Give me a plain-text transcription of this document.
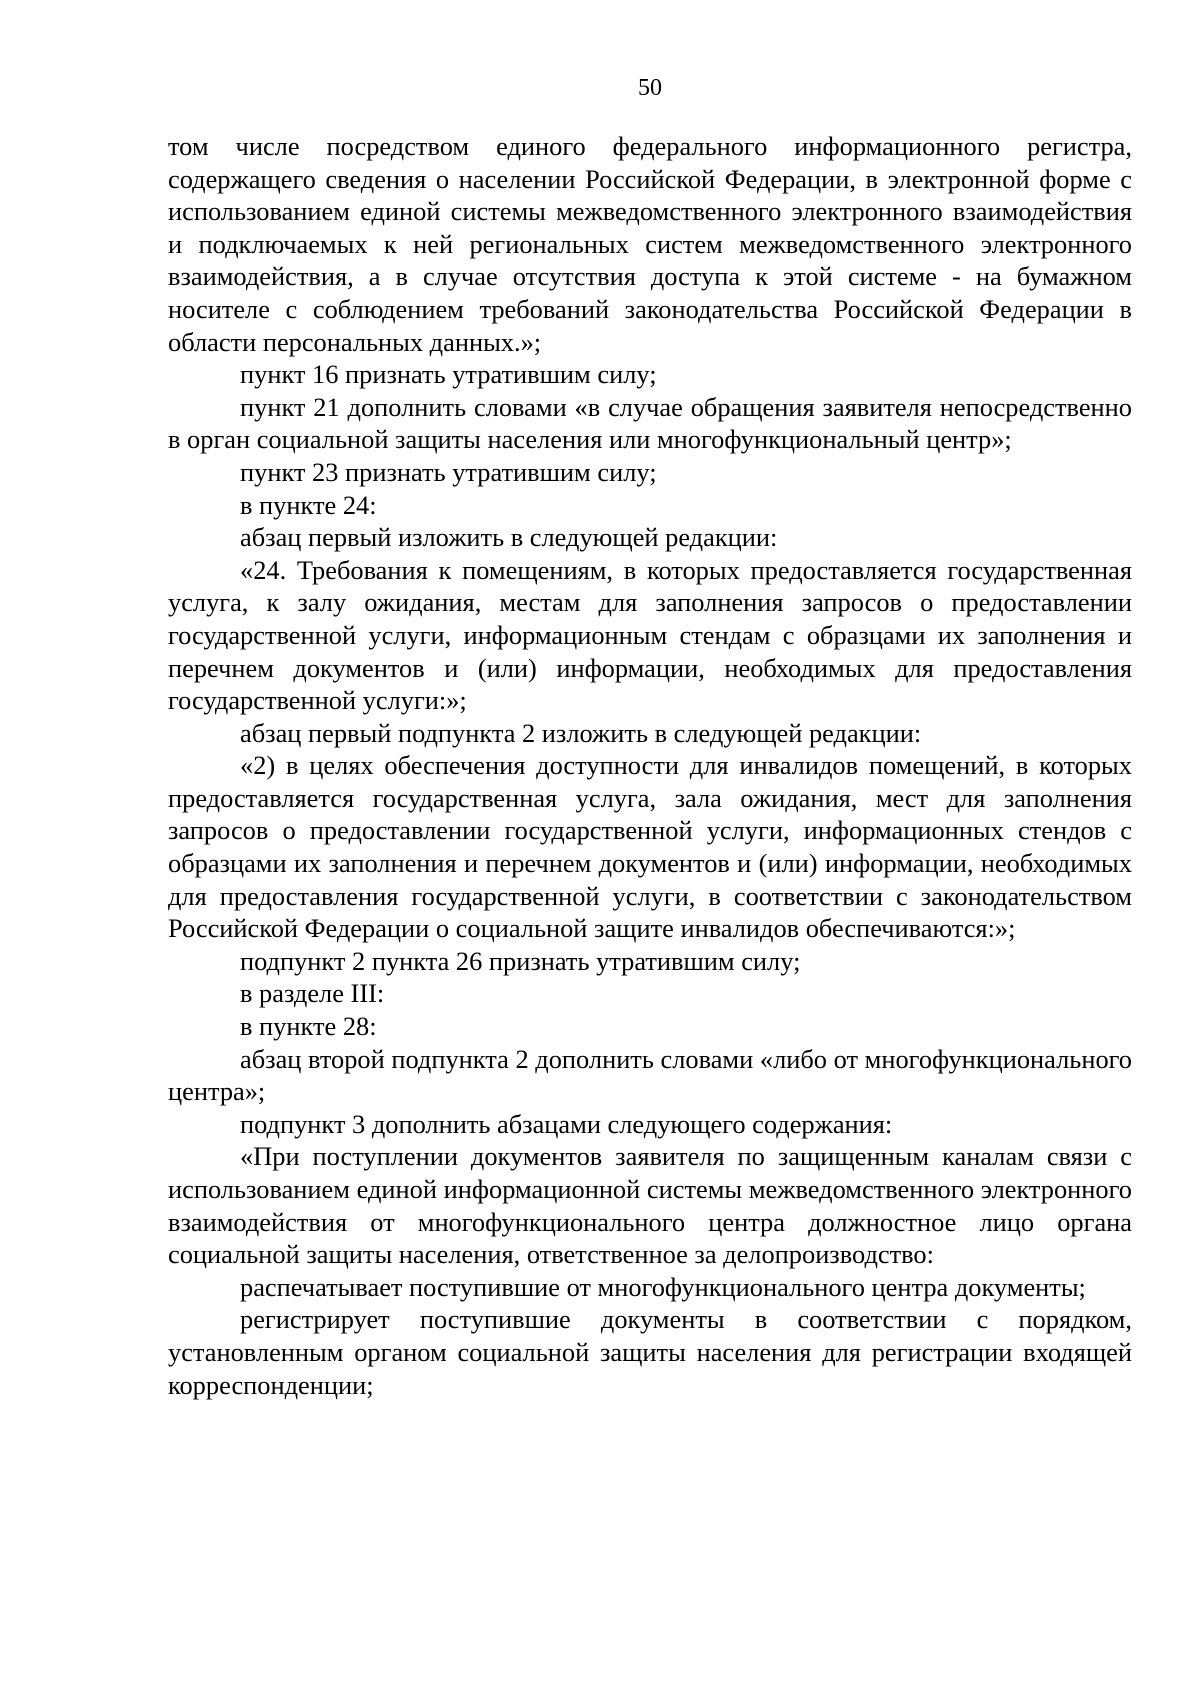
50

том числе посредством единого федерального информационного регистра, содержащего сведения о населении Российской Федерации, в электронной форме с использованием единой системы межведомственного электронного взаимодействия и подключаемых к ней региональных систем межведомственного электронного взаимодействия, а в случае отсутствия доступа к этой системе - на бумажном носителе с соблюдением требований законодательства Российской Федерации в области персональных данных.»;

пункт 16 признать утратившим силу;

пункт 21 дополнить словами «в случае обращения заявителя непосредственно в орган социальной защиты населения или многофункциональный центр»;

пункт 23 признать утратившим силу;

в пункте 24:

абзац первый изложить в следующей редакции:

«24. Требования к помещениям, в которых предоставляется государственная услуга, к залу ожидания, местам для заполнения запросов о предоставлении государственной услуги, информационным стендам с образцами их заполнения и перечнем документов и (или) информации, необходимых для предоставления государственной услуги:»;

абзац первый подпункта 2 изложить в следующей редакции:

«2) в целях обеспечения доступности для инвалидов помещений, в которых предоставляется государственная услуга, зала ожидания, мест для заполнения запросов о предоставлении государственной услуги, информационных стендов с образцами их заполнения и перечнем документов и (или) информации, необходимых для предоставления государственной услуги, в соответствии с законодательством Российской Федерации о социальной защите инвалидов обеспечиваются:»;

подпункт 2 пункта 26 признать утратившим силу;

в разделе III:

в пункте 28:

абзац второй подпункта 2 дополнить словами «либо от многофункционального центра»;

подпункт 3 дополнить абзацами следующего содержания:

«При поступлении документов заявителя по защищенным каналам связи с использованием единой информационной системы межведомственного электронного взаимодействия от многофункционального центра должностное лицо органа социальной защиты населения, ответственное за делопроизводство:

распечатывает поступившие от многофункционального центра документы;

регистрирует поступившие документы в соответствии с порядком, установленным органом социальной защиты населения для регистрации входящей корреспонденции;
